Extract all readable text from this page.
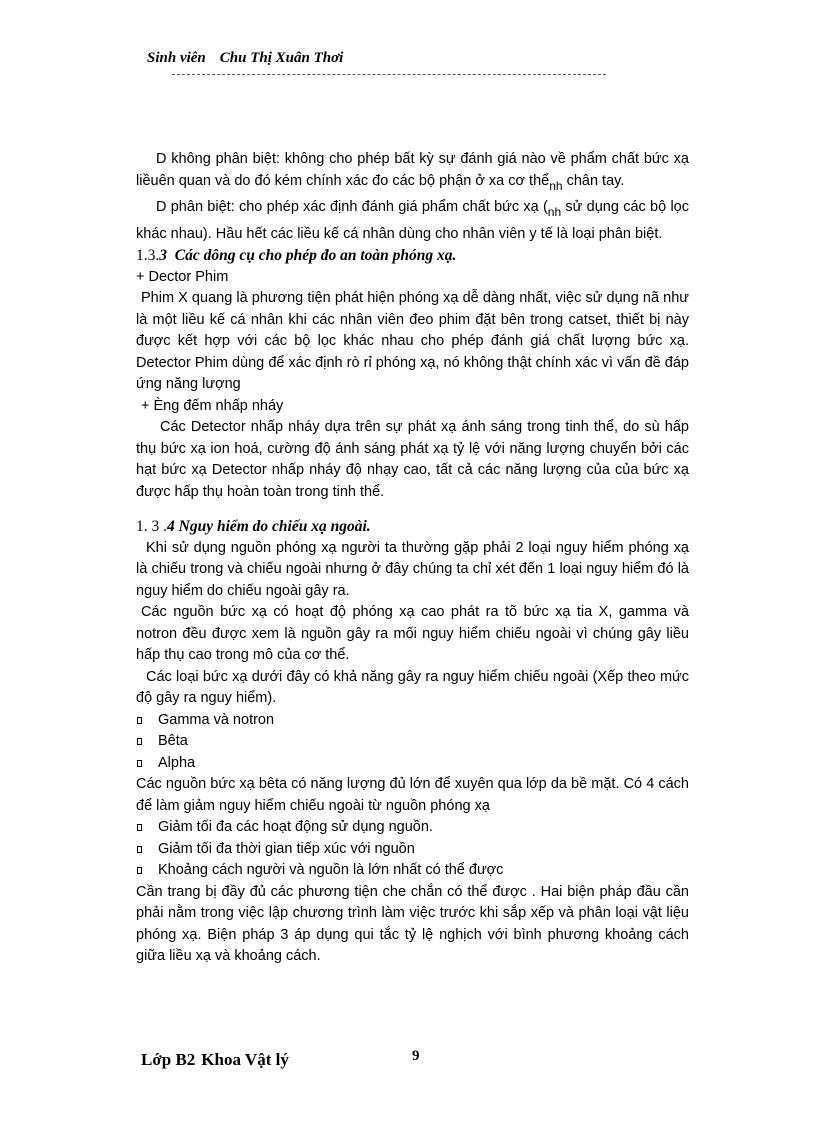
Sinh viên Chu Thị Xuân Thơi

D không phân biệt: không cho phép bất kỳ sự đánh giá nào về phẩm chất bức xạ liềuên quan và do đó kém chính xác đo các bộ phận ở xa cơ thể$_{nh}$ chân tay.

D phân biệt: cho phép xác định đánh giá phẩm chất bức xạ ($_{nh}$ sử dụng các bộ lọc khác nhau). Hầu hết các liều kế cá nhân dùng cho nhân viên y tế là loại phân biệt.

1.3.3 Các dông cụ cho phép đo an toàn phóng xạ.

+ Dector Phim

Phim X quang là phương tiện phát hiện phóng xạ dễ dàng nhất, việc sử dụng nã như là một liều kế cá nhân khi các nhân viên đeo phim đặt bên trong catset, thiết bị này được kết hợp với các bộ lọc khác nhau cho phép đánh giá chất lượng bức xạ. Detector Phim dùng để xác định rò rỉ phóng xạ, nó không thật chính xác vì vấn đề đáp ứng năng lượng

+ Èng đếm nhấp nháy

Các Detector nhấp nháy dựa trên sự phát xạ ánh sáng trong tinh thể, do sù hấp thụ bức xạ ion hoá, cường độ ánh sáng phát xạ tỷ lệ với năng lượng chuyển bởi các hạt bức xạ Detector nhấp nháy độ nhạy cao, tất cả các năng lượng của của bức xạ được hấp thụ hoàn toàn trong tinh thể.

1. 3 .4 Nguy hiểm do chiếu xạ ngoài.

Khi sử dụng nguồn phóng xạ người ta thường gặp phải 2 loại nguy hiểm phóng xạ là chiếu trong và chiếu ngoài nhưng ở đây chúng ta chỉ xét đến 1 loại nguy hiểm đó là nguy hiểm do chiếu ngoài gây ra.

Các nguồn bức xạ có hoạt độ phóng xạ cao phát ra tõ bức xạ tia X, gamma và notron đều được xem là nguồn gây ra mối nguy hiểm chiếu ngoài vì chúng gây liều hấp thụ cao trong mô của cơ thể.

Các loại bức xạ dưới đây có khả năng gây ra nguy hiểm chiếu ngoài (Xếp theo mức độ gây ra nguy hiểm).

Gamma và notron

Bêta

Alpha

Các nguồn bức xạ bêta có năng lượng đủ lớn để xuyên qua lớp da bề mặt. Có 4 cách để làm giảm nguy hiểm chiếu ngoài từ nguồn phóng xạ

Giảm tối đa các hoạt động sử dụng nguồn.

Giảm tối đa thời gian tiếp xúc với nguồn

Khoảng cách người và nguồn là lớn nhất có thể được

Cần trang bị đầy đủ các phương tiện che chắn có thể được . Hai biện pháp đầu cần phải nằm trong việc lập chương trình làm việc trước khi sắp xếp và phân loại vật liệu phóng xạ. Biện pháp 3 áp dụng qui tắc tỷ lệ nghịch với bình phương khoảng cách giữa liều xạ và khoảng cách.

Lớp B2 Khoa Vật lý	9
